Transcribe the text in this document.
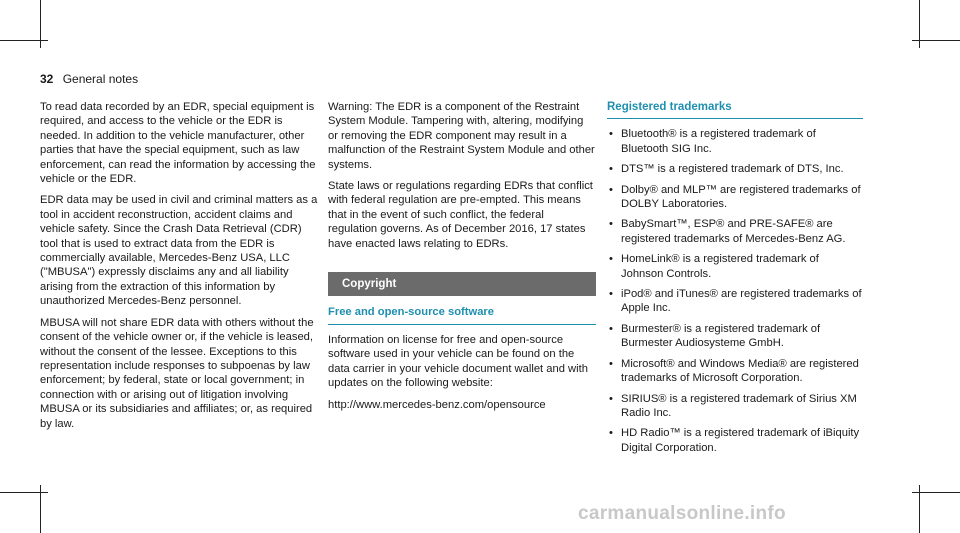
32 General notes

To read data recorded by an EDR, special equipment is required, and access to the vehicle or the EDR is needed. In addition to the vehicle manufacturer, other parties that have the special equipment, such as law enforcement, can read the information by accessing the vehicle or the EDR.

EDR data may be used in civil and criminal matters as a tool in accident reconstruction, accident claims and vehicle safety. Since the Crash Data Retrieval (CDR) tool that is used to extract data from the EDR is commercially available, Mercedes-Benz USA, LLC ("MBUSA") expressly disclaims any and all liability arising from the extraction of this information by unauthorized Mercedes-Benz personnel.

MBUSA will not share EDR data with others without the consent of the vehicle owner or, if the vehicle is leased, without the consent of the lessee. Exceptions to this representation include responses to subpoenas by law enforcement; by federal, state or local government; in connection with or arising out of litigation involving MBUSA or its subsidiaries and affiliates; or, as required by law.

Warning: The EDR is a component of the Restraint System Module. Tampering with, altering, modifying or removing the EDR component may result in a malfunction of the Restraint System Module and other systems.

State laws or regulations regarding EDRs that conflict with federal regulation are pre-empted. This means that in the event of such conflict, the federal regulation governs. As of December 2016, 17 states have enacted laws relating to EDRs.

Copyright
Free and open-source software

Information on license for free and open-source software used in your vehicle can be found on the data carrier in your vehicle document wallet and with updates on the following website:

http://www.mercedes-benz.com/opensource

Registered trademarks
• Bluetooth® is a registered trademark of Bluetooth SIG Inc.
• DTS™ is a registered trademark of DTS, Inc.
• Dolby® and MLP™ are registered trademarks of DOLBY Laboratories.
• BabySmart™, ESP® and PRE-SAFE® are registered trademarks of Mercedes-Benz AG.
• HomeLink® is a registered trademark of Johnson Controls.
• iPod® and iTunes® are registered trademarks of Apple Inc.
• Burmester® is a registered trademark of Burmester Audiosysteme GmbH.
• Microsoft® and Windows Media® are registered trademarks of Microsoft Corporation.
• SIRIUS® is a registered trademark of Sirius XM Radio Inc.
• HD Radio™ is a registered trademark of iBiquity Digital Corporation.
carmanualsonline.info
